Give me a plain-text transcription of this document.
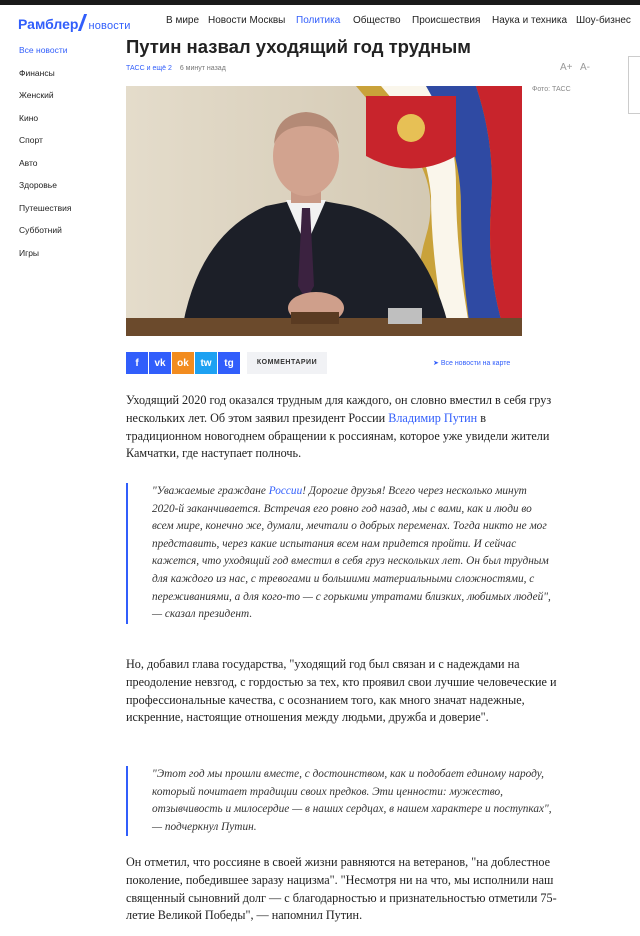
Рамблер новости	В мире Новости Москвы Политика Общество Происшествия Наука и техника Шоу-бизнес
Все новости
Финансы
Женский
Кино
Спорт
Авто
Здоровье
Путешествия
Субботний
Игры
Путин назвал уходящий год трудным
ТАСС и ещё 2 6 минут назад	A+ A-
Фото: ТАСС
f	vk	ok	tw	tg	КОММЕНТАРИИ	➤ Все новости на карте

Уходящий 2020 год оказался трудным для каждого, он словно вместил в себя груз нескольких лет. Об этом заявил президент России Владимир Путин в традиционном новогоднем обращении к россиянам, которое уже увидели жители Камчатки, где наступает полночь.

"Уважаемые граждане России! Дорогие друзья! Всего через несколько минут 2020-й заканчивается. Встречая его ровно год назад, мы с вами, как и люди во всем мире, конечно же, думали, мечтали о добрых переменах. Тогда никто не мог представить, через какие испытания всем нам придется пройти. И сейчас кажется, что уходящий год вместил в себя груз нескольких лет. Он был трудным для каждого из нас, с тревогами и большими материальными сложностями, с переживаниями, а для кого-то — с горькими утратами близких, любимых людей", — сказал президент.

Но, добавил глава государства, "уходящий год был связан и с надеждами на преодоление невзгод, с гордостью за тех, кто проявил свои лучшие человеческие и профессиональные качества, с осознанием того, как много значат надежные, искренние, настоящие отношения между людьми, дружба и доверие".

"Этот год мы прошли вместе, с достоинством, как и подобает единому народу, который почитает традиции своих предков. Эти ценности: мужество, отзывчивость и милосердие — в наших сердцах, в нашем характере и поступках", — подчеркнул Путин.

Он отметил, что россияне в своей жизни равняются на ветеранов, "на доблестное поколение, победившее заразу нацизма". "Несмотря ни на что, мы исполнили наш священный сыновний долг — с благодарностью и признательностью отметили 75-летие Великой Победы", — напомнил Путин.
